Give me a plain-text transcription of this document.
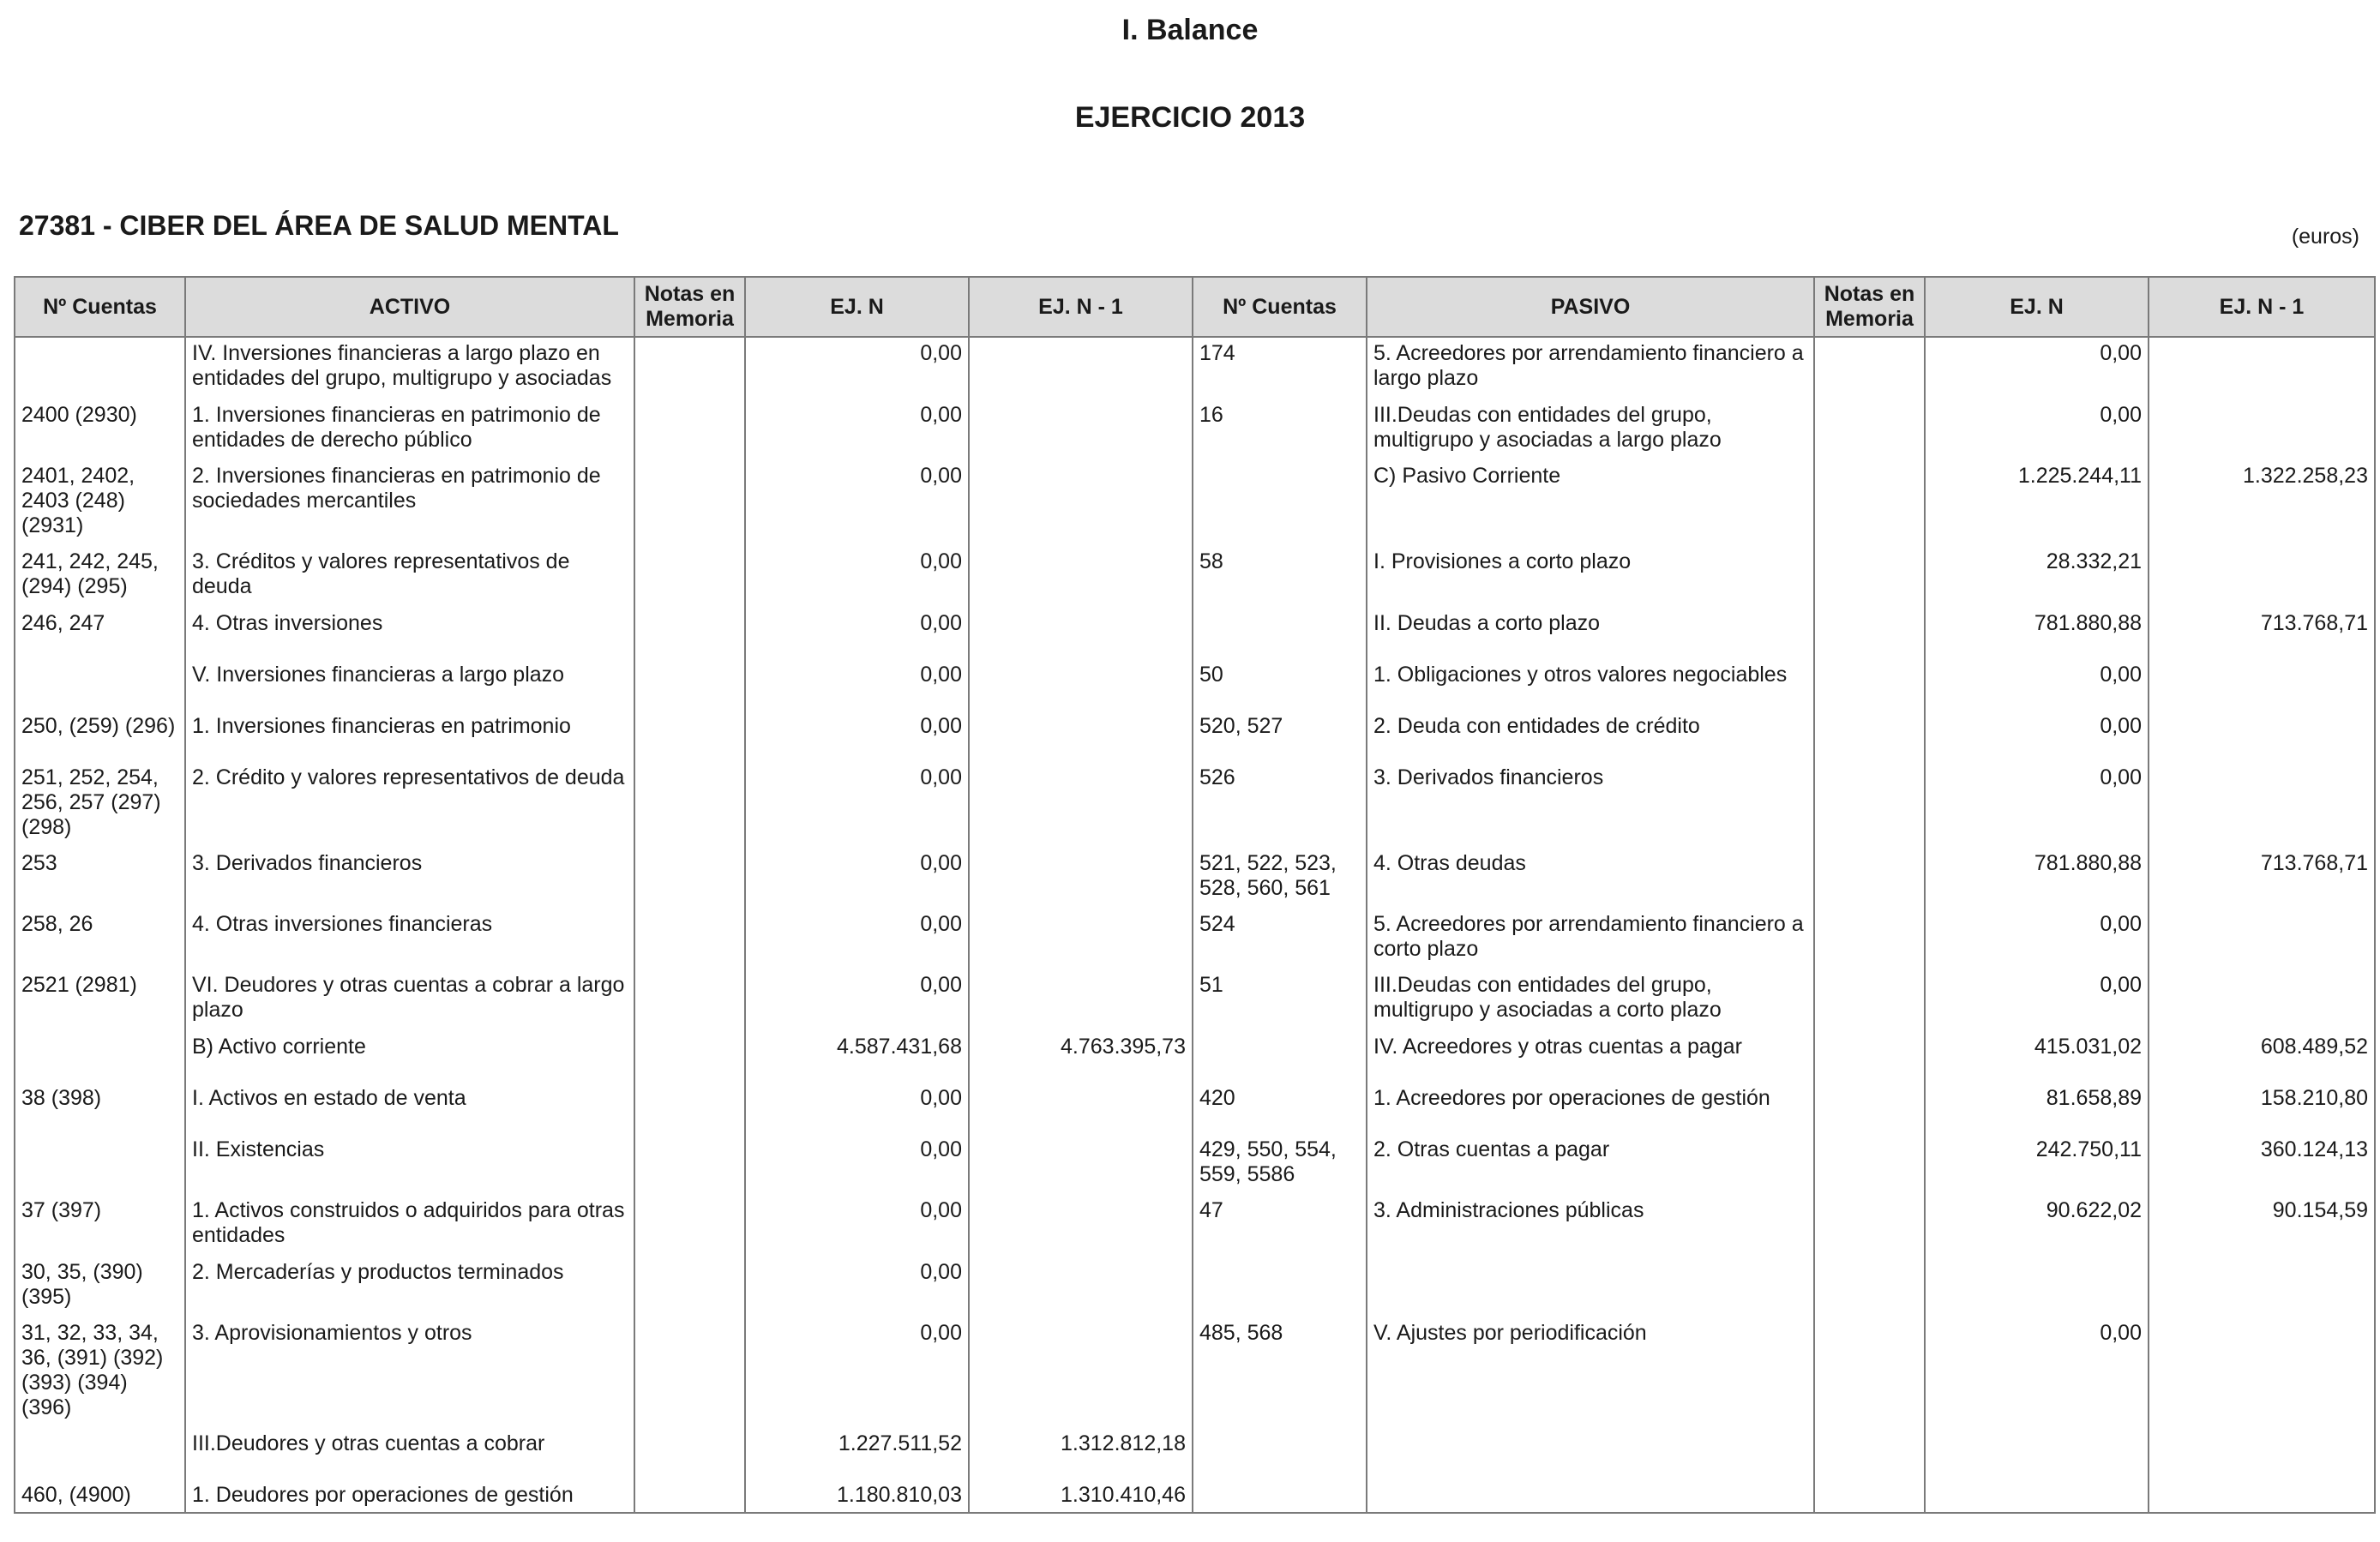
I. Balance
EJERCICIO 2013
27381 - CIBER DEL ÁREA DE SALUD MENTAL	(euros)
Nº Cuentas	ACTIVO	Notas en Memoria	EJ. N	EJ. N - 1	Nº Cuentas	PASIVO	Notas en Memoria	EJ. N	EJ. N - 1
	IV. Inversiones financieras a largo plazo en entidades del grupo, multigrupo y asociadas		0,00		174	5. Acreedores por arrendamiento financiero a largo plazo		0,00	
2400 (2930)	1. Inversiones financieras en patrimonio de entidades de derecho público		0,00		16	III.Deudas con entidades del grupo, multigrupo y asociadas a largo plazo		0,00	
2401, 2402, 2403 (248) (2931)	2. Inversiones financieras en patrimonio de sociedades mercantiles		0,00			C) Pasivo Corriente		1.225.244,11	1.322.258,23
241, 242, 245, (294) (295)	3. Créditos y valores representativos de deuda		0,00		58	I. Provisiones a corto plazo		28.332,21	
246, 247	4. Otras inversiones		0,00			II. Deudas a corto plazo		781.880,88	713.768,71
	V. Inversiones financieras a largo plazo		0,00		50	1. Obligaciones y otros valores negociables		0,00	
250, (259) (296)	1. Inversiones financieras en patrimonio		0,00		520, 527	2. Deuda con entidades de crédito		0,00	
251, 252, 254, 256, 257 (297) (298)	2. Crédito y valores representativos de deuda		0,00		526	3. Derivados financieros		0,00	
253	3. Derivados financieros		0,00		521, 522, 523, 528, 560, 561	4. Otras deudas		781.880,88	713.768,71
258, 26	4. Otras inversiones financieras		0,00		524	5. Acreedores por arrendamiento financiero a corto plazo		0,00	
2521 (2981)	VI. Deudores y otras cuentas a cobrar a largo plazo		0,00		51	III.Deudas con entidades del grupo, multigrupo y asociadas a corto plazo		0,00	
	B) Activo corriente		4.587.431,68	4.763.395,73		IV. Acreedores y otras cuentas a pagar		415.031,02	608.489,52
38 (398)	I. Activos en estado de venta		0,00		420	1. Acreedores por operaciones de gestión		81.658,89	158.210,80
	II. Existencias		0,00		429, 550, 554, 559, 5586	2. Otras cuentas a pagar		242.750,11	360.124,13
37 (397)	1. Activos construidos o adquiridos para otras entidades		0,00		47	3. Administraciones públicas		90.622,02	90.154,59
30, 35, (390) (395)	2. Mercaderías y productos terminados		0,00						
31, 32, 33, 34, 36, (391) (392) (393) (394) (396)	3. Aprovisionamientos y otros		0,00		485, 568	V. Ajustes por periodificación		0,00	
	III.Deudores y otras cuentas a cobrar		1.227.511,52	1.312.812,18					
460, (4900)	1. Deudores por operaciones de gestión		1.180.810,03	1.310.410,46					
